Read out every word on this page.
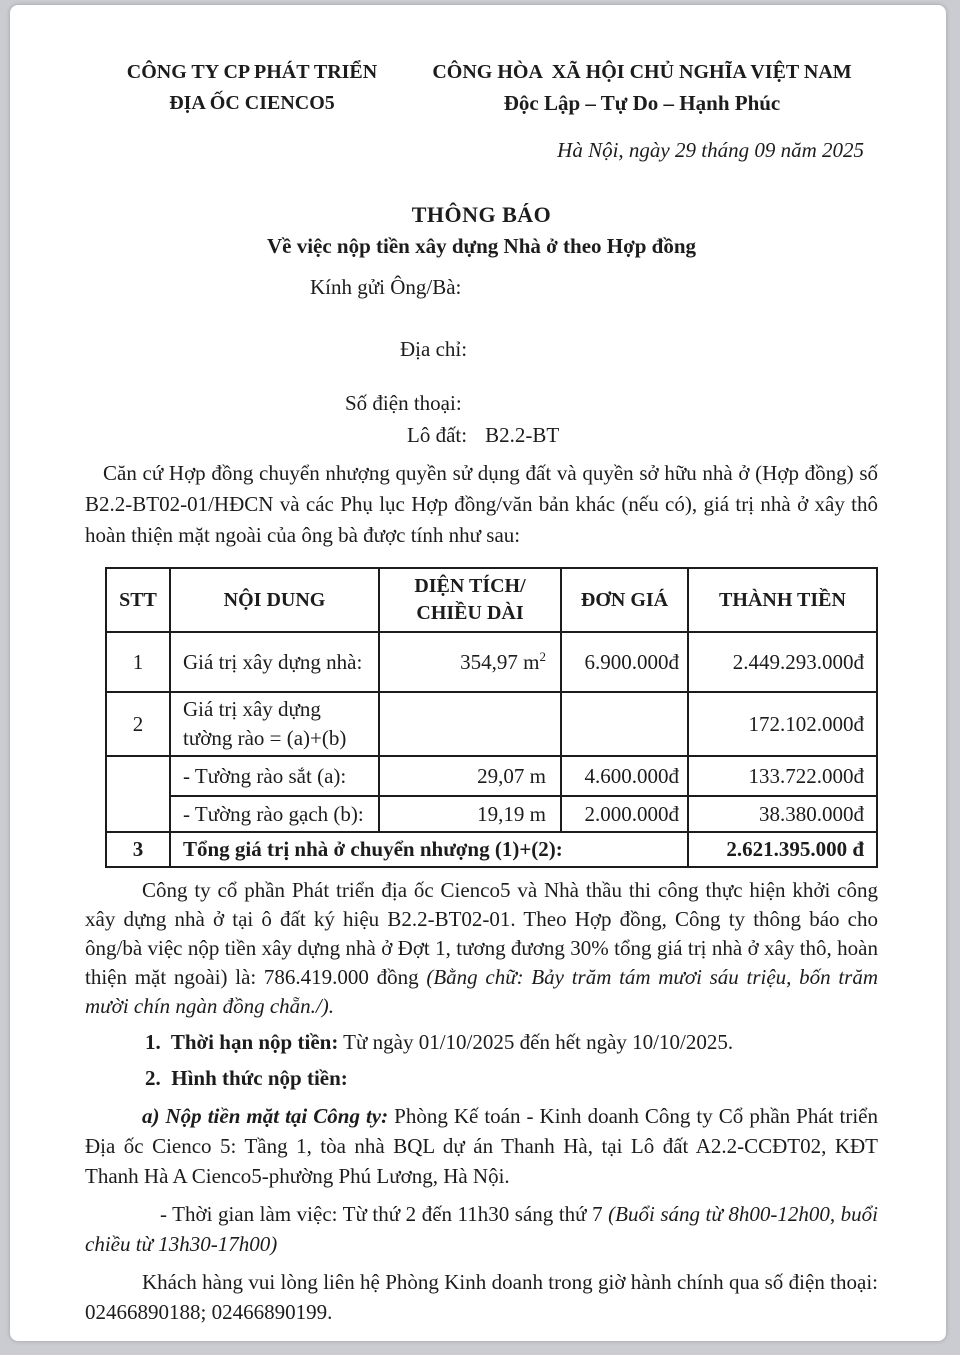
CÔNG TY CP PHÁT TRIỂN
ĐỊA ỐC CIENCO5
CÔNG HÒA  XÃ HỘI CHỦ NGHĨA VIỆT NAM
Độc Lập – Tự Do – Hạnh Phúc
Hà Nội, ngày 29 tháng 09 năm 2025
THÔNG BÁO
Về việc nộp tiền xây dựng Nhà ở theo Hợp đồng
Kính gửi Ông/Bà:
Địa chỉ:
Số điện thoại:
Lô đất: B2.2-BT

Căn cứ Hợp đồng chuyển nhượng quyền sử dụng đất và quyền sở hữu nhà ở (Hợp đồng) số B2.2-BT02-01/HĐCN và các Phụ lục Hợp đồng/văn bản khác (nếu có), giá trị nhà ở xây thô hoàn thiện mặt ngoài của ông bà được tính như sau:

STT	NỘI DUNG	DIỆN TÍCH/ CHIỀU DÀI	ĐƠN GIÁ	THÀNH TIỀN
1	Giá trị xây dựng nhà:	354,97 $m^2$	6.900.000đ	2.449.293.000đ
2	Giá trị xây dựng tường rào = (a)+(b)			172.102.000đ
	- Tường rào sắt (a):	29,07 m	4.600.000đ	133.722.000đ
	- Tường rào gạch (b):	19,19 m	2.000.000đ	38.380.000đ
3	Tổng giá trị nhà ở chuyển nhượng (1)+(2):			2.621.395.000 đ

Công ty cổ phần Phát triển địa ốc Cienco5 và Nhà thầu thi công thực hiện khởi công xây dựng nhà ở tại ô đất ký hiệu B2.2-BT02-01. Theo Hợp đồng, Công ty thông báo cho ông/bà việc nộp tiền xây dựng nhà ở Đợt 1, tương đương 30% tổng giá trị nhà ở xây thô, hoàn thiện mặt ngoài) là: 786.419.000 đồng (Bằng chữ: Bảy trăm tám mươi sáu triệu, bốn trăm mười chín ngàn đồng chẵn./).

1.  Thời hạn nộp tiền: Từ ngày 01/10/2025 đến hết ngày 10/10/2025.

2.  Hình thức nộp tiền:

a) Nộp tiền mặt tại Công ty: Phòng Kế toán - Kinh doanh Công ty Cổ phần Phát triển Địa ốc Cienco 5: Tầng 1, tòa nhà BQL dự án Thanh Hà, tại Lô đất A2.2-CCĐT02, KĐT Thanh Hà A Cienco5-phường Phú Lương, Hà Nội.

- Thời gian làm việc: Từ thứ 2 đến 11h30 sáng thứ 7 (Buổi sáng từ 8h00-12h00, buổi chiều từ 13h30-17h00)

Khách hàng vui lòng liên hệ Phòng Kinh doanh trong giờ hành chính qua số điện thoại: 02466890188; 02466890199.
